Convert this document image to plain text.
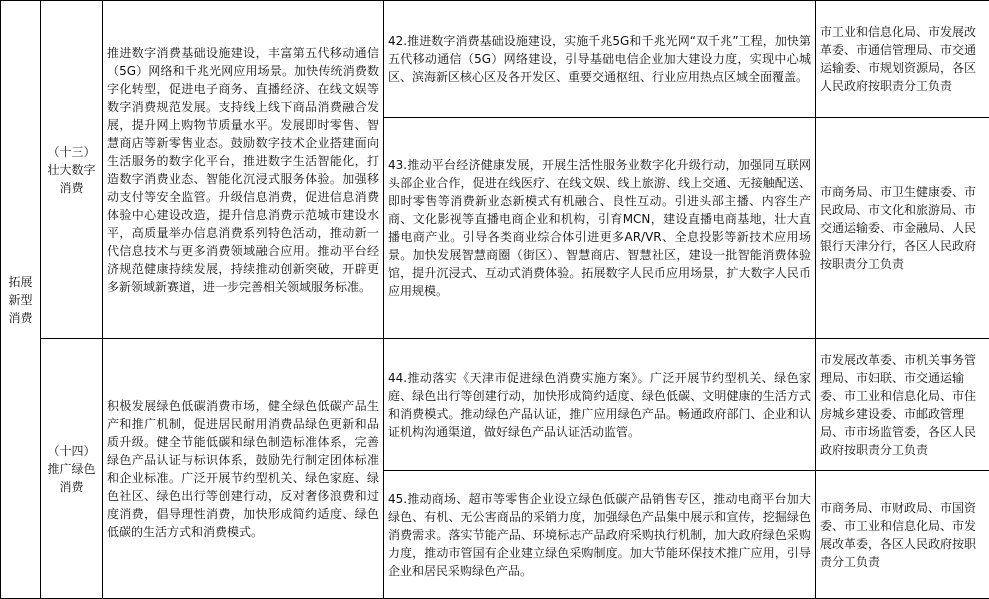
拓展新型消费	（十三）壮大数字消费	推进数字消费基础设施建设，丰富第五代移动通信（5G）网络和千兆光网应用场景。加快传统消费数字化转型，促进电子商务、直播经济、在线文娱等数字消费规范发展。支持线上线下商品消费融合发展，提升网上购物节质量水平。发展即时零售、智慧商店等新零售业态。鼓励数字技术企业搭建面向生活服务的数字化平台，推进数字生活智能化，打造数字消费业态、智能化沉浸式服务体验。加强移动支付等安全监管。升级信息消费，促进信息消费体验中心建设改造，提升信息消费示范城市建设水平，高质量举办信息消费系列特色活动，推动新一代信息技术与更多消费领域融合应用。推动平台经济规范健康持续发展，持续推动创新突破，开辟更多新领域新赛道，进一步完善相关领域服务标准。	42.推进数字消费基础设施建设，实施千兆5G和千兆光网“双千兆”工程，加快第五代移动通信（5G）网络建设，引导基础电信企业加大建设力度，实现中心城区、滨海新区核心区及各开发区、重要交通枢纽、行业应用热点区域全面覆盖。	市工业和信息化局、市发展改革委、市通信管理局、市交通运输委、市规划资源局，各区人民政府按职责分工负责
			43.推动平台经济健康发展，开展生活性服务业数字化升级行动，加强同互联网头部企业合作，促进在线医疗、在线文娱、线上旅游、线上交通、无接触配送、即时零售等消费新业态新模式有机融合、良性互动。引进头部主播、内容生产商、文化影视等直播电商企业和机构，引育MCN，建设直播电商基地，壮大直播电商产业。引导各类商业综合体引进更多AR/VR、全息投影等新技术应用场景。加快发展智慧商圈（街区）、智慧商店、智慧社区，建设一批智能消费体验馆，提升沉浸式、互动式消费体验。拓展数字人民币应用场景，扩大数字人民币应用规模。	市商务局、市卫生健康委、市民政局、市文化和旅游局、市交通运输委、市金融局、人民银行天津分行，各区人民政府按职责分工负责
	（十四）推广绿色消费	积极发展绿色低碳消费市场，健全绿色低碳产品生产和推广机制，促进居民耐用消费品绿色更新和品质升级。健全节能低碳和绿色制造标准体系，完善绿色产品认证与标识体系，鼓励先行制定团体标准和企业标准。广泛开展节约型机关、绿色家庭、绿色社区、绿色出行等创建行动，反对奢侈浪费和过度消费，倡导理性消费，加快形成简约适度、绿色低碳的生活方式和消费模式。	44.推动落实《天津市促进绿色消费实施方案》。广泛开展节约型机关、绿色家庭、绿色出行等创建行动，加快形成简约适度、绿色低碳、文明健康的生活方式和消费模式。推动绿色产品认证，推广应用绿色产品。畅通政府部门、企业和认证机构沟通渠道，做好绿色产品认证活动监管。	市发展改革委、市机关事务管理局、市妇联、市交通运输委、市工业和信息化局、市住房城乡建设委、市邮政管理局、市市场监管委，各区人民政府按职责分工负责
			45.推动商场、超市等零售企业设立绿色低碳产品销售专区，推动电商平台加大绿色、有机、无公害商品的采销力度，加强绿色产品集中展示和宣传，挖掘绿色消费需求。落实节能产品、环境标志产品政府采购执行机制，加大政府绿色采购力度，推动市管国有企业建立绿色采购制度。加大节能环保技术推广应用，引导企业和居民采购绿色产品。	市商务局、市财政局、市国资委、市工业和信息化局、市发展改革委，各区人民政府按职责分工负责
